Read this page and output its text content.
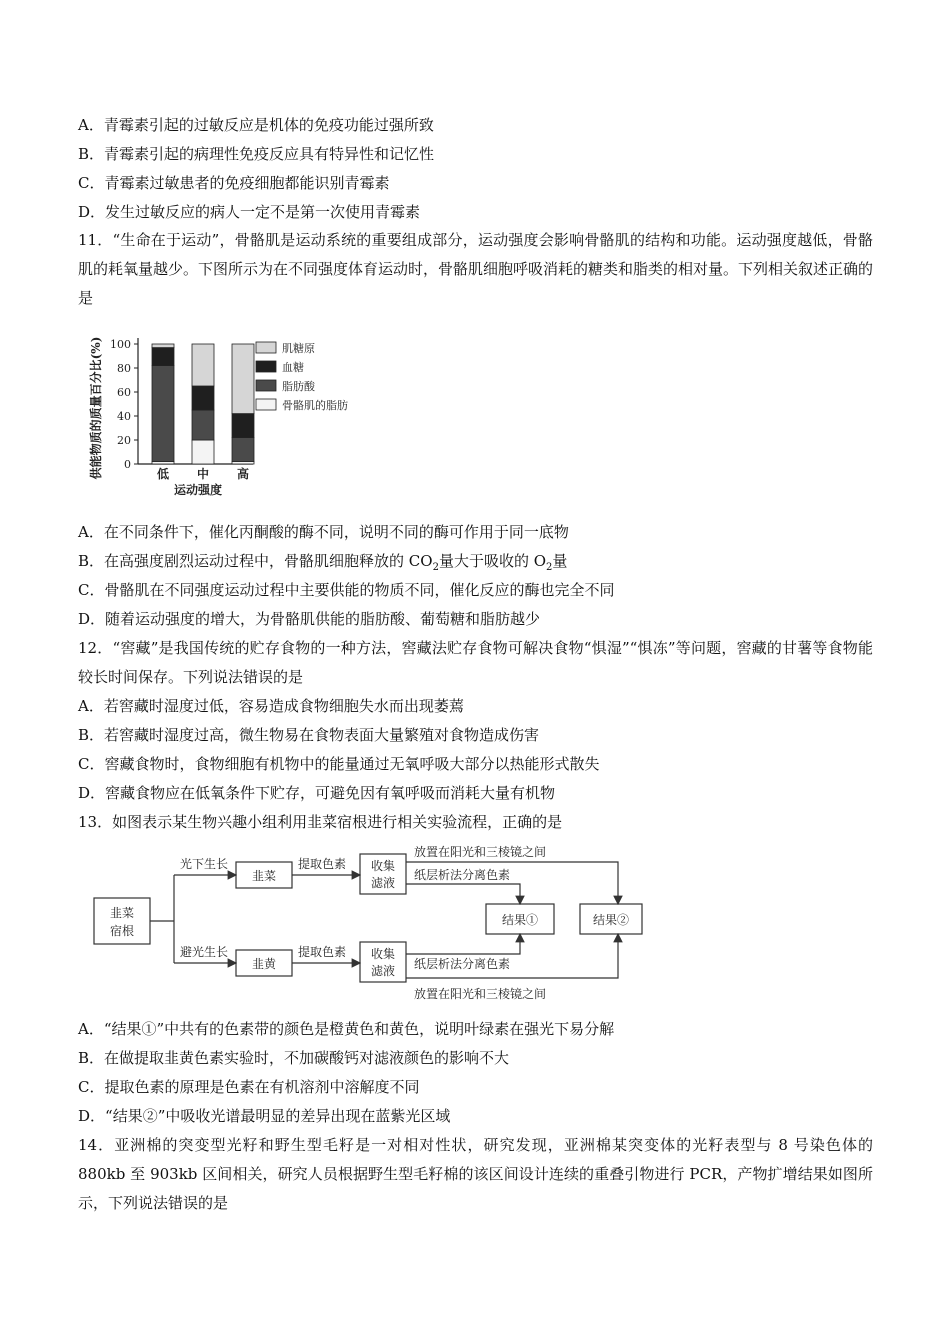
A．青霉素引起的过敏反应是机体的免疫功能过强所致
B．青霉素引起的病理性免疫反应具有特异性和记忆性
C．青霉素过敏患者的免疫细胞都能识别青霉素
D．发生过敏反应的病人一定不是第一次使用青霉素
11．“生命在于运动”，骨骼肌是运动系统的重要组成部分，运动强度会影响骨骼肌的结构和功能。运动强度越低，骨骼肌的耗氧量越少。下图所示为在不同强度体育运动时，骨骼肌细胞呼吸消耗的糖类和脂类的相对量。下列相关叙述正确的是
0
20
40
60
80
100
低 中 高
肌糖原
血糖
脂肪酸
骨骼肌的脂肪
供能物质的质量百分比(%)
运动强度
A．在不同条件下，催化丙酮酸的酶不同，说明不同的酶可作用于同一底物
B．在高强度剧烈运动过程中，骨骼肌细胞释放的 $CO_2$量大于吸收的 $O_2$量
C．骨骼肌在不同强度运动过程中主要供能的物质不同，催化反应的酶也完全不同
D．随着运动强度的增大，为骨骼肌供能的脂肪酸、葡萄糖和脂肪越少
12．“窖藏”是我国传统的贮存食物的一种方法，窖藏法贮存食物可解决食物“惧湿”“惧冻”等问题，窖藏的甘薯等食物能较长时间保存。下列说法错误的是
A．若窖藏时湿度过低，容易造成食物细胞失水而出现萎蔫
B．若窖藏时湿度过高，微生物易在食物表面大量繁殖对食物造成伤害
C．窖藏食物时，食物细胞有机物中的能量通过无氧呼吸大部分以热能形式散失
D．窖藏食物应在低氧条件下贮存，可避免因有氧呼吸而消耗大量有机物
13．如图表示某生物兴趣小组利用韭菜宿根进行相关实验流程，正确的是
韭菜
宿根
光下生长
避光生长
韭菜
韭黄
提取色素
提取色素
收集
滤液
收集
滤液
放置在阳光和三棱镜之间
纸层析法分离色素
纸层析法分离色素
放置在阳光和三棱镜之间
结果①	结果②
A．“结果①”中共有的色素带的颜色是橙黄色和黄色，说明叶绿素在强光下易分解
B．在做提取韭黄色素实验时，不加碳酸钙对滤液颜色的影响不大
C．提取色素的原理是色素在有机溶剂中溶解度不同
D．“结果②”中吸收光谱最明显的差异出现在蓝紫光区域
14．亚洲棉的突变型光籽和野生型毛籽是一对相对性状，研究发现，亚洲棉某突变体的光籽表型与 8 号染色体的 880kb 至 903kb 区间相关，研究人员根据野生型毛籽棉的该区间设计连续的重叠引物进行 PCR，产物扩增结果如图所示，下列说法错误的是
